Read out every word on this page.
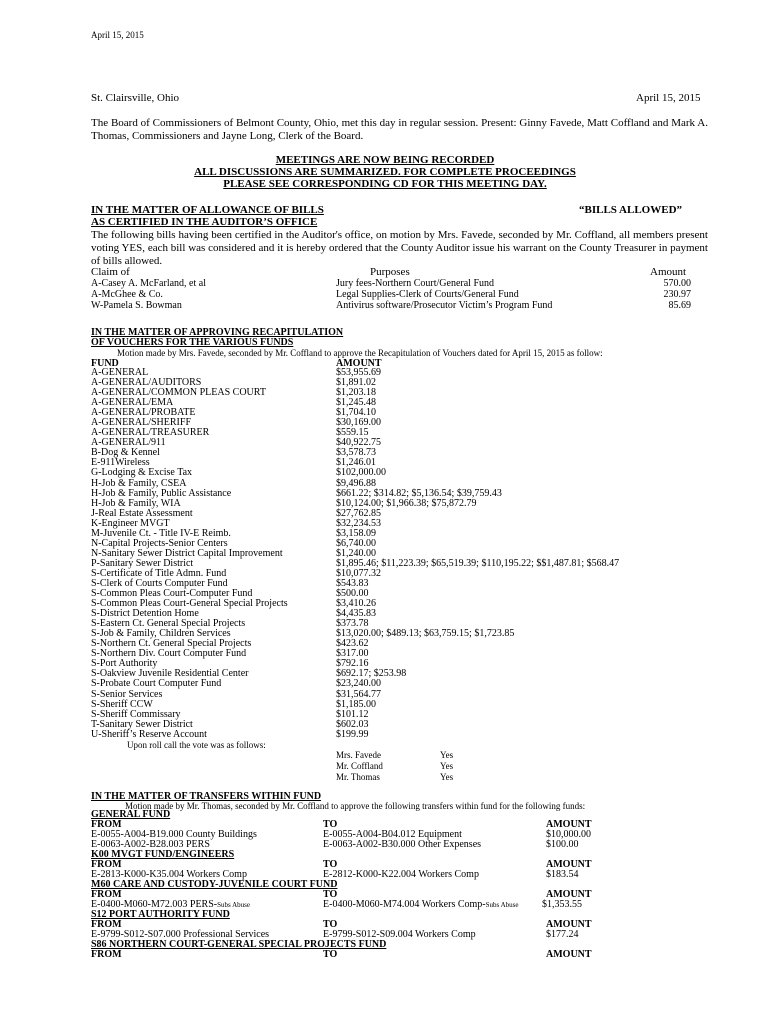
April 15, 2015
St. Clairsville, Ohio	April 15, 2015
The Board of Commissioners of Belmont County, Ohio, met this day in regular session. Present: Ginny Favede, Matt Coffland and Mark A. Thomas, Commissioners and Jayne Long, Clerk of the Board.
MEETINGS ARE NOW BEING RECORDED
ALL DISCUSSIONS ARE SUMMARIZED. FOR COMPLETE PROCEEDINGS
PLEASE SEE CORRESPONDING CD FOR THIS MEETING DAY.
IN THE MATTER OF ALLOWANCE OF BILLS	“BILLS ALLOWED”
AS CERTIFIED IN THE AUDITOR’S OFFICE
The following bills having been certified in the Auditor's office, on motion by Mrs. Favede, seconded by Mr. Coffland, all members present voting YES, each bill was considered and it is hereby ordered that the County Auditor issue his warrant on the County Treasurer in payment of bills allowed.
Claim of	Purposes	Amount
A-Casey A. McFarland, et al	Jury fees-Northern Court/General Fund	570.00
A-McGhee & Co.	Legal Supplies-Clerk of Courts/General Fund	230.97
W-Pamela S. Bowman	Antivirus software/Prosecutor Victim’s Program Fund	85.69
IN THE MATTER OF APPROVING RECAPITULATION
OF VOUCHERS FOR THE VARIOUS FUNDS
Motion made by Mrs. Favede, seconded by Mr. Coffland to approve the Recapitulation of Vouchers dated for April 15, 2015 as follow:
FUND	AMOUNT
A-GENERAL	$53,955.69
A-GENERAL/AUDITORS	$1,891.02
A-GENERAL/COMMON PLEAS COURT	$1,203.18
A-GENERAL/EMA	$1,245.48
A-GENERAL/PROBATE	$1,704.10
A-GENERAL/SHERIFF	$30,169.00
A-GENERAL/TREASURER	$559.15
A-GENERAL/911	$40,922.75
B-Dog & Kennel	$3,578.73
E-911Wireless	$1,246.01
G-Lodging & Excise Tax	$102,000.00
H-Job & Family, CSEA	$9,496.88
H-Job & Family, Public Assistance	$661.22; $314.82; $5,136.54; $39,759.43
H-Job & Family, WIA	$10,124.00; $1,966.38; $75,872.79
J-Real Estate Assessment	$27,762.85
K-Engineer MVGT	$32,234.53
M-Juvenile Ct. - Title IV-E Reimb.	$3,158.09
N-Capital Projects-Senior Centers	$6,740.00
N-Sanitary Sewer District Capital Improvement	$1,240.00
P-Sanitary Sewer District	$1,895.46; $11,223.39; $65,519.39; $110,195.22; $$1,487.81; $568.47
S-Certificate of Title Admn. Fund	$10,077.32
S-Clerk of Courts Computer Fund	$543.83
S-Common Pleas Court-Computer Fund	$500.00
S-Common Pleas Court-General Special Projects	$3,410.26
S-District Detention Home	$4,435.83
S-Eastern Ct. General Special Projects	$373.78
S-Job & Family, Children Services	$13,020.00; $489.13; $63,759.15; $1,723.85
S-Northern Ct. General Special Projects	$423.62
S-Northern Div. Court Computer Fund	$317.00
S-Port Authority	$792.16
S-Oakview Juvenile Residential Center	$692.17; $253.98
S-Probate Court Computer Fund	$23,240.00
S-Senior Services	$31,564.77
S-Sheriff CCW	$1,185.00
S-Sheriff Commissary	$101.12
T-Sanitary Sewer District	$602.03
U-Sheriff’s Reserve Account	$199.99
Upon roll call the vote was as follows:
Mrs. Favede	Yes
Mr. Coffland	Yes
Mr. Thomas	Yes
IN THE MATTER OF TRANSFERS WITHIN FUND
Motion made by Mr. Thomas, seconded by Mr. Coffland to approve the following transfers within fund for the following funds:
GENERAL FUND
FROM	TO	AMOUNT
E-0055-A004-B19.000 County Buildings	E-0055-A004-B04.012 Equipment	$10,000.00
E-0063-A002-B28.003 PERS	E-0063-A002-B30.000 Other Expenses	$100.00
K00 MVGT FUND/ENGINEERS
FROM	TO	AMOUNT
E-2813-K000-K35.004 Workers Comp	E-2812-K000-K22.004 Workers Comp	$183.54
M60 CARE AND CUSTODY-JUVENILE COURT FUND
FROM	TO	AMOUNT
E-0400-M060-M72.003 PERS-Subs Abuse	E-0400-M060-M74.004 Workers Comp-Subs Abuse $1,353.55
S12 PORT AUTHORITY FUND
FROM	TO	AMOUNT
E-9799-S012-S07.000 Professional Services	E-9799-S012-S09.004 Workers Comp	$177.24
S86 NORTHERN COURT-GENERAL SPECIAL PROJECTS FUND
FROM	TO	AMOUNT
